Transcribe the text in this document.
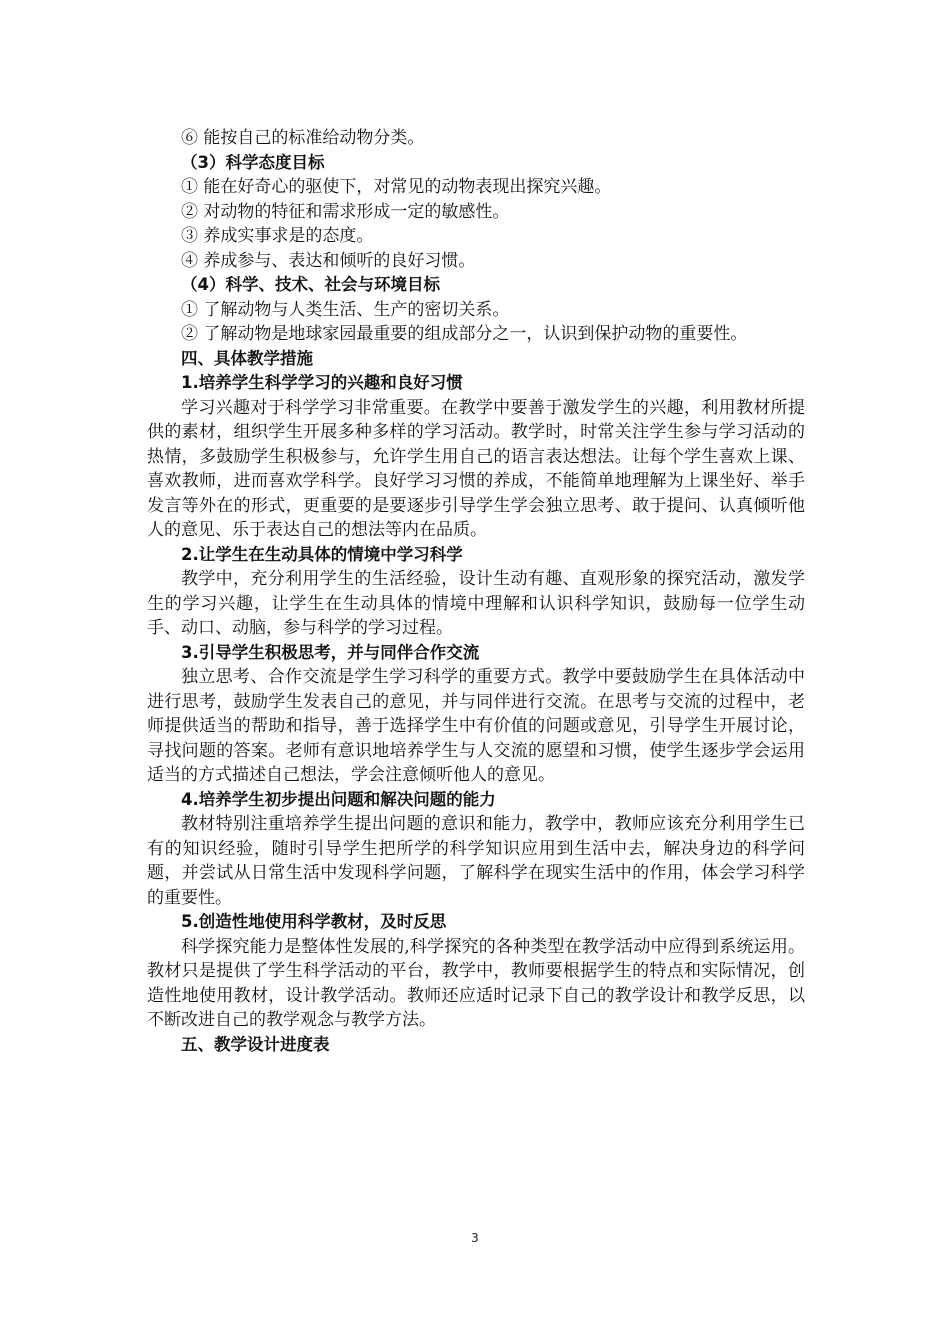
⑥ 能按自己的标准给动物分类。
（3）科学态度目标
① 能在好奇心的驱使下，对常见的动物表现出探究兴趣。
② 对动物的特征和需求形成一定的敏感性。
③ 养成实事求是的态度。
④ 养成参与、表达和倾听的良好习惯。
（4）科学、技术、社会与环境目标
① 了解动物与人类生活、生产的密切关系。

② 了解动物是地球家园最重要的组成部分之一，认识到保护动物的重要性。

四、具体教学措施
1.培养学生科学学习的兴趣和良好习惯

学习兴趣对于科学学习非常重要。在教学中要善于激发学生的兴趣，利用教材所提供的素材，组织学生开展多种多样的学习活动。教学时，时常关注学生参与学习活动的热情，多鼓励学生积极参与，允许学生用自己的语言表达想法。让每个学生喜欢上课、喜欢教师，进而喜欢学科学。良好学习习惯的养成，不能简单地理解为上课坐好、举手发言等外在的形式，更重要的是要逐步引导学生学会独立思考、敢于提问、认真倾听他人的意见、乐于表达自己的想法等内在品质。

2.让学生在生动具体的情境中学习科学

教学中，充分利用学生的生活经验，设计生动有趣、直观形象的探究活动，激发学生的学习兴趣，让学生在生动具体的情境中理解和认识科学知识，鼓励每一位学生动手、动口、动脑，参与科学的学习过程。

3.引导学生积极思考，并与同伴合作交流

独立思考、合作交流是学生学习科学的重要方式。教学中要鼓励学生在具体活动中进行思考，鼓励学生发表自己的意见，并与同伴进行交流。在思考与交流的过程中，老师提供适当的帮助和指导，善于选择学生中有价值的问题或意见，引导学生开展讨论，寻找问题的答案。老师有意识地培养学生与人交流的愿望和习惯，使学生逐步学会运用适当的方式描述自己想法，学会注意倾听他人的意见。

4.培养学生初步提出问题和解决问题的能力

教材特别注重培养学生提出问题的意识和能力，教学中，教师应该充分利用学生已有的知识经验，随时引导学生把所学的科学知识应用到生活中去，解决身边的科学问题，并尝试从日常生活中发现科学问题，了解科学在现实生活中的作用，体会学习科学的重要性。

5.创造性地使用科学教材，及时反思

科学探究能力是整体性发展的,科学探究的各种类型在教学活动中应得到系统运用。教材只是提供了学生科学活动的平台，教学中，教师要根据学生的特点和实际情况，创造性地使用教材，设计教学活动。教师还应适时记录下自己的教学设计和教学反思，以不断改进自己的教学观念与教学方法。

五、教学设计进度表
3
